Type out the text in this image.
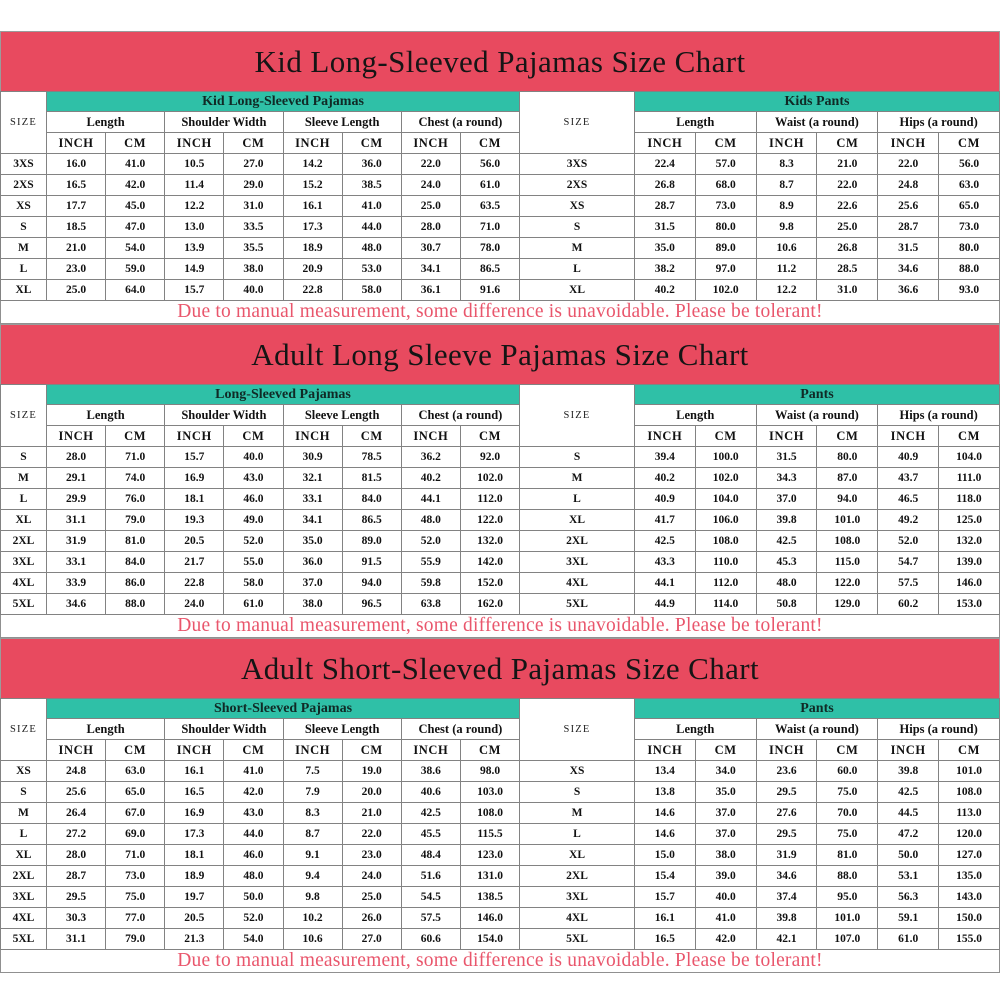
Kid Long-Sleeved Pajamas Size Chart
SIZE	Kid Long-Sleeved Pajamas								SIZE	Kids Pants					
	Length		Shoulder Width		Sleeve Length		Chest (a round)			Length		Waist (a round)		Hips (a round)	
	INCH	CM	INCH	CM	INCH	CM	INCH	CM		INCH	CM	INCH	CM	INCH	CM
3XS	16.0	41.0	10.5	27.0	14.2	36.0	22.0	56.0	3XS	22.4	57.0	8.3	21.0	22.0	56.0
2XS	16.5	42.0	11.4	29.0	15.2	38.5	24.0	61.0	2XS	26.8	68.0	8.7	22.0	24.8	63.0
XS	17.7	45.0	12.2	31.0	16.1	41.0	25.0	63.5	XS	28.7	73.0	8.9	22.6	25.6	65.0
S	18.5	47.0	13.0	33.5	17.3	44.0	28.0	71.0	S	31.5	80.0	9.8	25.0	28.7	73.0
M	21.0	54.0	13.9	35.5	18.9	48.0	30.7	78.0	M	35.0	89.0	10.6	26.8	31.5	80.0
L	23.0	59.0	14.9	38.0	20.9	53.0	34.1	86.5	L	38.2	97.0	11.2	28.5	34.6	88.0
XL	25.0	64.0	15.7	40.0	22.8	58.0	36.1	91.6	XL	40.2	102.0	12.2	31.0	36.6	93.0
Due to manual measurement, some difference is unavoidable. Please be tolerant!
Adult Long Sleeve Pajamas Size Chart
SIZE	Long-Sleeved Pajamas								SIZE	Pants					
	Length		Shoulder Width		Sleeve Length		Chest (a round)			Length		Waist (a round)		Hips (a round)	
	INCH	CM	INCH	CM	INCH	CM	INCH	CM		INCH	CM	INCH	CM	INCH	CM
S	28.0	71.0	15.7	40.0	30.9	78.5	36.2	92.0	S	39.4	100.0	31.5	80.0	40.9	104.0
M	29.1	74.0	16.9	43.0	32.1	81.5	40.2	102.0	M	40.2	102.0	34.3	87.0	43.7	111.0
L	29.9	76.0	18.1	46.0	33.1	84.0	44.1	112.0	L	40.9	104.0	37.0	94.0	46.5	118.0
XL	31.1	79.0	19.3	49.0	34.1	86.5	48.0	122.0	XL	41.7	106.0	39.8	101.0	49.2	125.0
2XL	31.9	81.0	20.5	52.0	35.0	89.0	52.0	132.0	2XL	42.5	108.0	42.5	108.0	52.0	132.0
3XL	33.1	84.0	21.7	55.0	36.0	91.5	55.9	142.0	3XL	43.3	110.0	45.3	115.0	54.7	139.0
4XL	33.9	86.0	22.8	58.0	37.0	94.0	59.8	152.0	4XL	44.1	112.0	48.0	122.0	57.5	146.0
5XL	34.6	88.0	24.0	61.0	38.0	96.5	63.8	162.0	5XL	44.9	114.0	50.8	129.0	60.2	153.0
Due to manual measurement, some difference is unavoidable. Please be tolerant!
Adult Short-Sleeved Pajamas Size Chart
SIZE	Short-Sleeved Pajamas								SIZE	Pants					
	Length		Shoulder Width		Sleeve Length		Chest (a round)			Length		Waist (a round)		Hips (a round)	
	INCH	CM	INCH	CM	INCH	CM	INCH	CM		INCH	CM	INCH	CM	INCH	CM
XS	24.8	63.0	16.1	41.0	7.5	19.0	38.6	98.0	XS	13.4	34.0	23.6	60.0	39.8	101.0
S	25.6	65.0	16.5	42.0	7.9	20.0	40.6	103.0	S	13.8	35.0	29.5	75.0	42.5	108.0
M	26.4	67.0	16.9	43.0	8.3	21.0	42.5	108.0	M	14.6	37.0	27.6	70.0	44.5	113.0
L	27.2	69.0	17.3	44.0	8.7	22.0	45.5	115.5	L	14.6	37.0	29.5	75.0	47.2	120.0
XL	28.0	71.0	18.1	46.0	9.1	23.0	48.4	123.0	XL	15.0	38.0	31.9	81.0	50.0	127.0
2XL	28.7	73.0	18.9	48.0	9.4	24.0	51.6	131.0	2XL	15.4	39.0	34.6	88.0	53.1	135.0
3XL	29.5	75.0	19.7	50.0	9.8	25.0	54.5	138.5	3XL	15.7	40.0	37.4	95.0	56.3	143.0
4XL	30.3	77.0	20.5	52.0	10.2	26.0	57.5	146.0	4XL	16.1	41.0	39.8	101.0	59.1	150.0
5XL	31.1	79.0	21.3	54.0	10.6	27.0	60.6	154.0	5XL	16.5	42.0	42.1	107.0	61.0	155.0
Due to manual measurement, some difference is unavoidable. Please be tolerant!
